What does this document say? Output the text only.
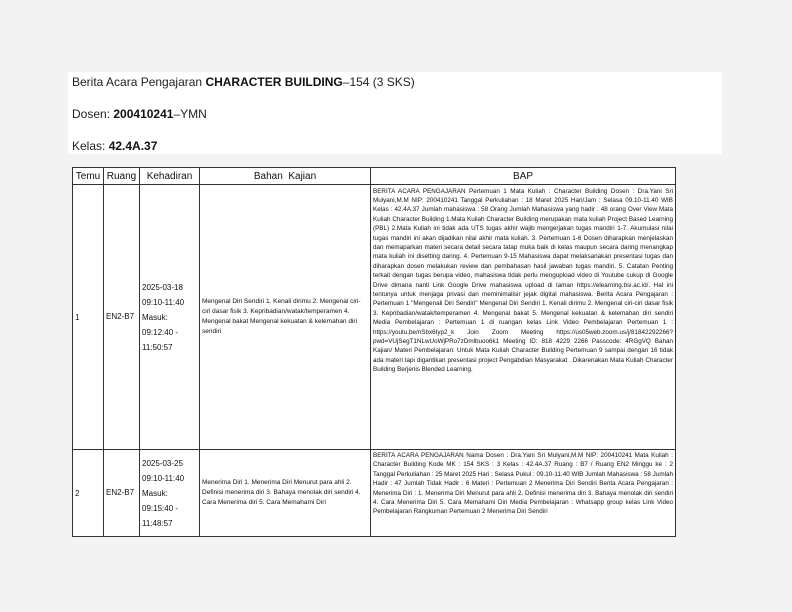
Berita Acara Pengajaran CHARACTER BUILDING–154 (3 SKS)
Dosen: 200410241–YMN
Kelas: 42.4A.37
Temu	Ruang	Kehadiran	Bahan  Kajian	BAP
1	EN2-B7	2025-03-18 09:10-11:40 Masuk: 09:12:40 - 11:50:57	Mengenal Diri Sendiri 1. Kenali dirimu 2. Mengenal ciri-ciri dasar fisik 3. Kepribadian/watak/temperamen 4. Mengenal bakat Mengenal kekuatan & kelemahan diri sendiri	BERITA ACARA PENGAJARAN Pertemuan 1 Mata Kuliah : Character Building Dosen : Dra.Yani Sri Mulyani,M.M NIP: 200410241 Tanggal Perkuliahan : 18 Maret 2025 Hari/Jam : Selasa 09.10-11.40 WIB Kelas : 42.4A.37 Jumlah mahasiswa : 58 Orang Jumlah Mahasiswa yang hadir : 48 orang Over View Mata Kuliah Character Building 1.Mata Kuliah Character Building merupakan mata kuliah Project Based Learning (PBL) 2.Mata Kuliah ini tidak ada UTS tugas akhir wajib mengerjakan tugas mandiri 1-7. Akumulasi nilai tugas mandiri ini akan dijadikan nilai akhir mata kuliah. 3. Pertemuan 1-6 Dosen diharapkan menjelaskan dan memaparkan materi secara detail secara tatap muka baik di kelas maupun secara daring menangkap mata kuliah ini disetting daring. 4. Pertemuan 9-15 Mahasiswa dapat melaksanakan presentasi tugas dan diharapkan dosen melakukan review dan pembahasan hasil jawaban tugas mandiri. 5. Catatan Penting terkait dengan tugas berupa video, mahasiswa tidak perlu mengupload video di Youtube cukup di Google Drive dimana nanti Link Google Drive mahasiswa upload di laman https://elearning.bsi.ac.id/. Hal ini tentunya untuk menjaga privasi dan meminimalisir jejak digital mahasiswa. Berita Acara Pengajaran : Pertemuan 1 "Mengenali Diri Sendiri" Mengenal Diri Sendiri 1. Kenali dirimu 2. Mengenal ciri-ciri dasar fisik 3. Kepribadian/watak/temperamen 4. Mengenal bakat 5. Mengenal kekuatan & kelemahan diri sendiri Media Pembelajaran : Pertemuan 1 di ruangan kelas Link Video Pembelajaran Pertemuan 1 : https://youtu.be/nSbx6Iyp2_k Join Zoom Meeting https://us05web.zoom.us/j/81842292266?pwd=VUjSegT1NLwUoWjPRo7zDmlbuoo6k1 Meeting ID: 818 4229 2266 Passcode: 4RGgVQ Bahan Kajian/ Materi Pembelajaran: Untuk Mata Kuliah Character Building Pertemuan 9 sampai dengan 16 tidak ada materi tapi digantikan presentasi project Pengabdian Masyarakat . Dikarenakan Mata Kuliah Character Building Berjenis Blended Learning.

2	EN2-B7	2025-03-25 09:10-11:40 Masuk: 09:15:40 - 11:48:57	Menerima Diri 1. Menerima Diri Menurut para ahli 2. Definisi menerima diri 3. Bahaya menolak diri sendiri 4. Cara Menerima diri 5. Cara Memahami Diri	BERITA ACARA PENGAJARAN Nama Dosen : Dra.Yani Sri Mulyani,M.M NIP: 200410241 Mata Kuliah : Character Building Kode MK : 154 SKS : 3 Kelas : 42.4A.37 Ruang : B7 / Ruang EN2 Minggu ke : 2 Tanggal Perkuliahan : 25 Maret 2025 Hari : Selasa Pukul : 09.10-11.40 WIB Jumlah Mahasiswa : 58 Jumlah Hadir : 47 Jumlah Tidak Hadir : 6 Materi : Pertemuan 2 Menerima Diri Sendiri Berita Acara Pengajaran : Menerima Diri : 1. Menerima Diri Menurut para ahli 2. Definisi menerima diri 3. Bahaya menolak diri sendiri 4. Cara Menerima Diri 5. Cara Memahami Diri Media Pembelajaran : Whatsapp group kelas Link Video Pembelajaran Rangkuman Pertemuan 2 Menerima Diri Sendiri
